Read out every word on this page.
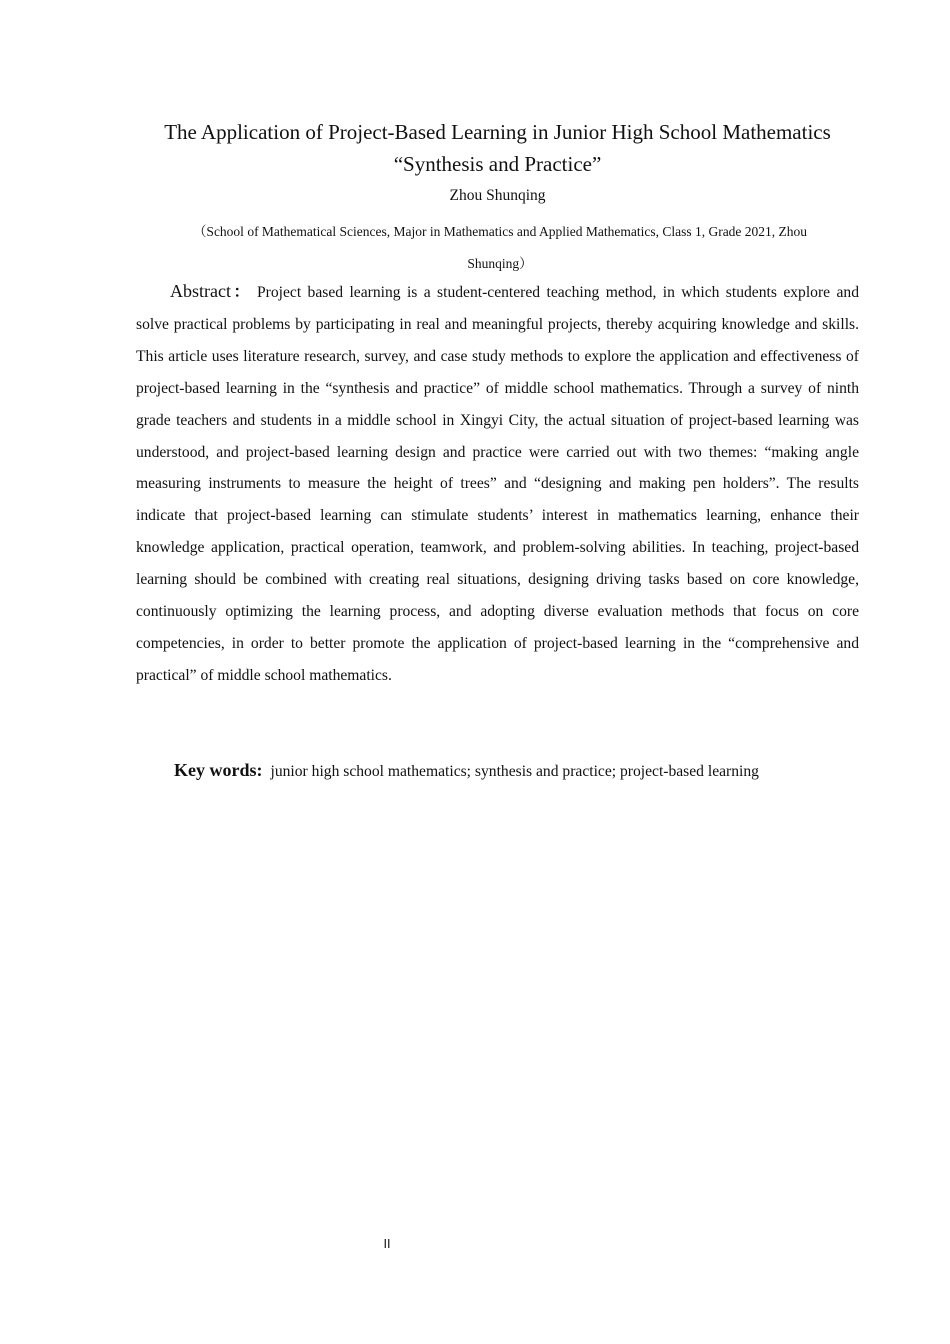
The Application of Project-Based Learning in Junior High School Mathematics
“Synthesis and Practice”
Zhou Shunqing
（School of Mathematical Sciences, Major in Mathematics and Applied Mathematics, Class 1, Grade 2021, Zhou Shunqing）

Abstract： Project based learning is a student-centered teaching method, in which students explore and solve practical problems by participating in real and meaningful projects, thereby acquiring knowledge and skills. This article uses literature research, survey, and case study methods to explore the application and effectiveness of project-based learning in the “synthesis and practice” of middle school mathematics. Through a survey of ninth grade teachers and students in a middle school in Xingyi City, the actual situation of project-based learning was understood, and project-based learning design and practice were carried out with two themes: “making angle measuring instruments to measure the height of trees” and “designing and making pen holders”. The results indicate that project-based learning can stimulate students’ interest in mathematics learning, enhance their knowledge application, practical operation, teamwork, and problem-solving abilities. In teaching, project-based learning should be combined with creating real situations, designing driving tasks based on core knowledge, continuously optimizing the learning process, and adopting diverse evaluation methods that focus on core competencies, in order to better promote the application of project-based learning in the “comprehensive and practical” of middle school mathematics.

Key words: junior high school mathematics; synthesis and practice; project-based learning
II
